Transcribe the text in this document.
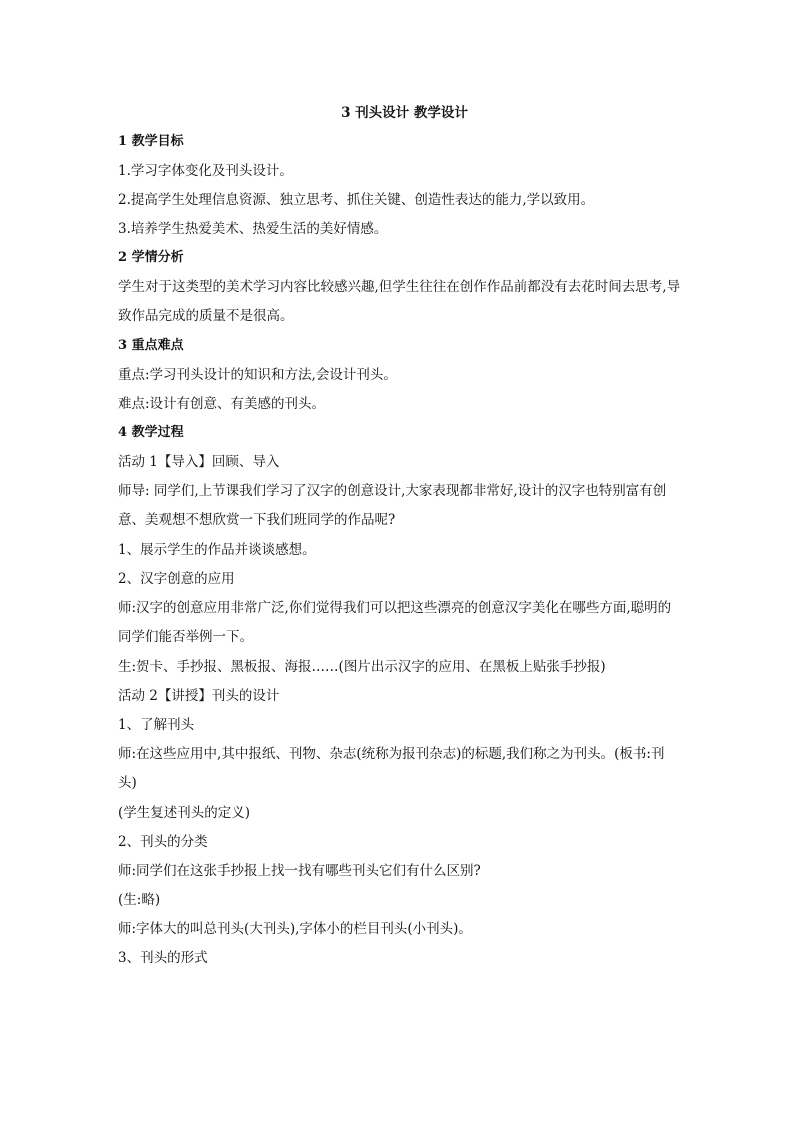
3 刊头设计 教学设计
1 教学目标
1.学习字体变化及刊头设计。
2.提高学生处理信息资源、独立思考、抓住关键、创造性表达的能力,学以致用。
3.培养学生热爱美术、热爱生活的美好情感。
2 学情分析
学生对于这类型的美术学习内容比较感兴趣,但学生往往在创作作品前都没有去花时间去思考,导致作品完成的质量不是很高。
3 重点难点
重点:学习刊头设计的知识和方法,会设计刊头。
难点:设计有创意、有美感的刊头。
4 教学过程
活动 1【导入】回顾、导入
师导: 同学们,上节课我们学习了汉字的创意设计,大家表现都非常好,设计的汉字也特别富有创意、美观想不想欣赏一下我们班同学的作品呢?
1、展示学生的作品并谈谈感想。
2、汉字创意的应用
师:汉字的创意应用非常广泛,你们觉得我们可以把这些漂亮的创意汉字美化在哪些方面,聪明的同学们能否举例一下。
生:贺卡、手抄报、黑板报、海报……(图片出示汉字的应用、在黑板上贴张手抄报)
活动 2【讲授】刊头的设计
1、了解刊头
师:在这些应用中,其中报纸、刊物、杂志(统称为报刊杂志)的标题,我们称之为刊头。(板书:刊头)
(学生复述刊头的定义)
2、刊头的分类
师:同学们在这张手抄报上找一找有哪些刊头它们有什么区别?
(生:略)
师:字体大的叫总刊头(大刊头),字体小的栏目刊头(小刊头)。
3、刊头的形式
